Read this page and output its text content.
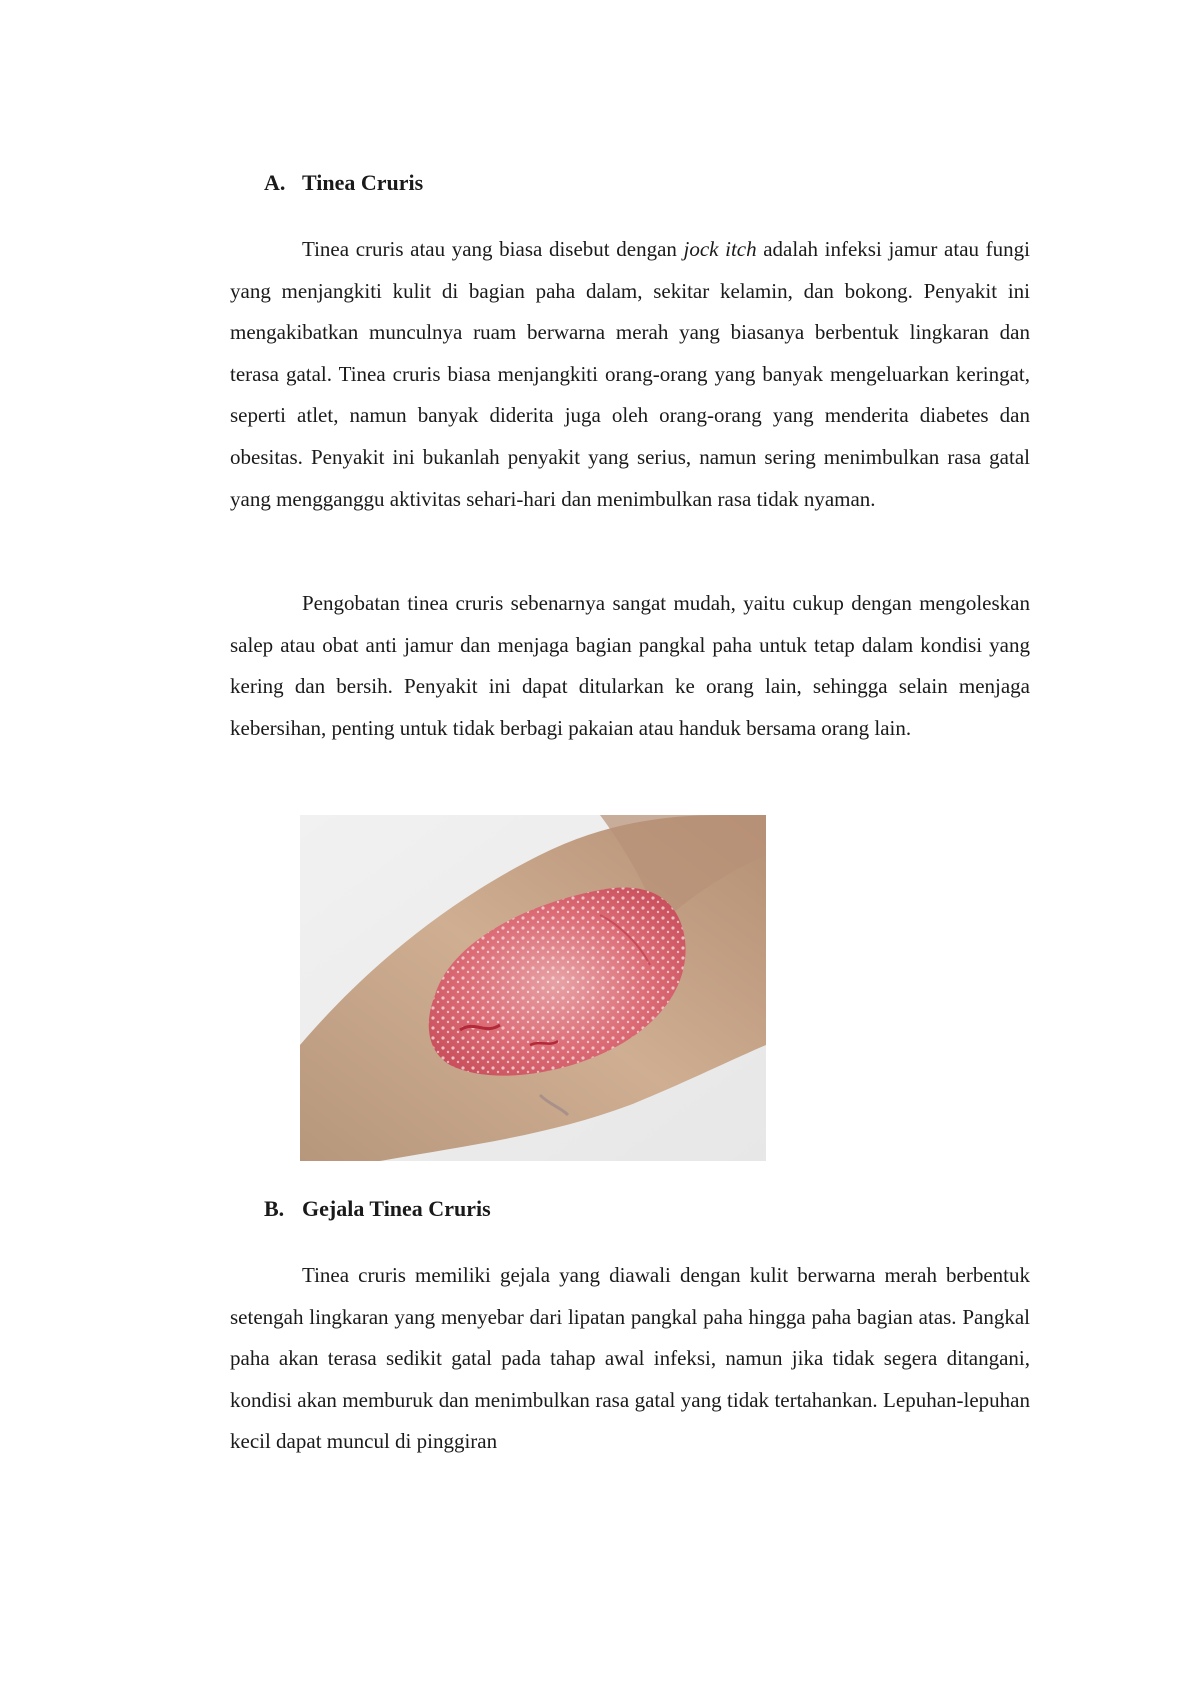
A. Tinea Cruris

Tinea cruris atau yang biasa disebut dengan jock itch adalah infeksi jamur atau fungi yang menjangkiti kulit di bagian paha dalam, sekitar kelamin, dan bokong. Penyakit ini mengakibatkan munculnya ruam berwarna merah yang biasanya berbentuk lingkaran dan terasa gatal. Tinea cruris biasa menjangkiti orang-orang yang banyak mengeluarkan keringat, seperti atlet, namun banyak diderita juga oleh orang-orang yang menderita diabetes dan obesitas. Penyakit ini bukanlah penyakit yang serius, namun sering menimbulkan rasa gatal yang mengganggu aktivitas sehari-hari dan menimbulkan rasa tidak nyaman.

Pengobatan tinea cruris sebenarnya sangat mudah, yaitu cukup dengan mengoleskan salep atau obat anti jamur dan menjaga bagian pangkal paha untuk tetap dalam kondisi yang kering dan bersih. Penyakit ini dapat ditularkan ke orang lain, sehingga selain menjaga kebersihan, penting untuk tidak berbagi pakaian atau handuk bersama orang lain.

B. Gejala Tinea Cruris

Tinea cruris memiliki gejala yang diawali dengan kulit berwarna merah berbentuk setengah lingkaran yang menyebar dari lipatan pangkal paha hingga paha bagian atas. Pangkal paha akan terasa sedikit gatal pada tahap awal infeksi, namun jika tidak segera ditangani, kondisi akan memburuk dan menimbulkan rasa gatal yang tidak tertahankan. Lepuhan-lepuhan kecil dapat muncul di pinggiran
